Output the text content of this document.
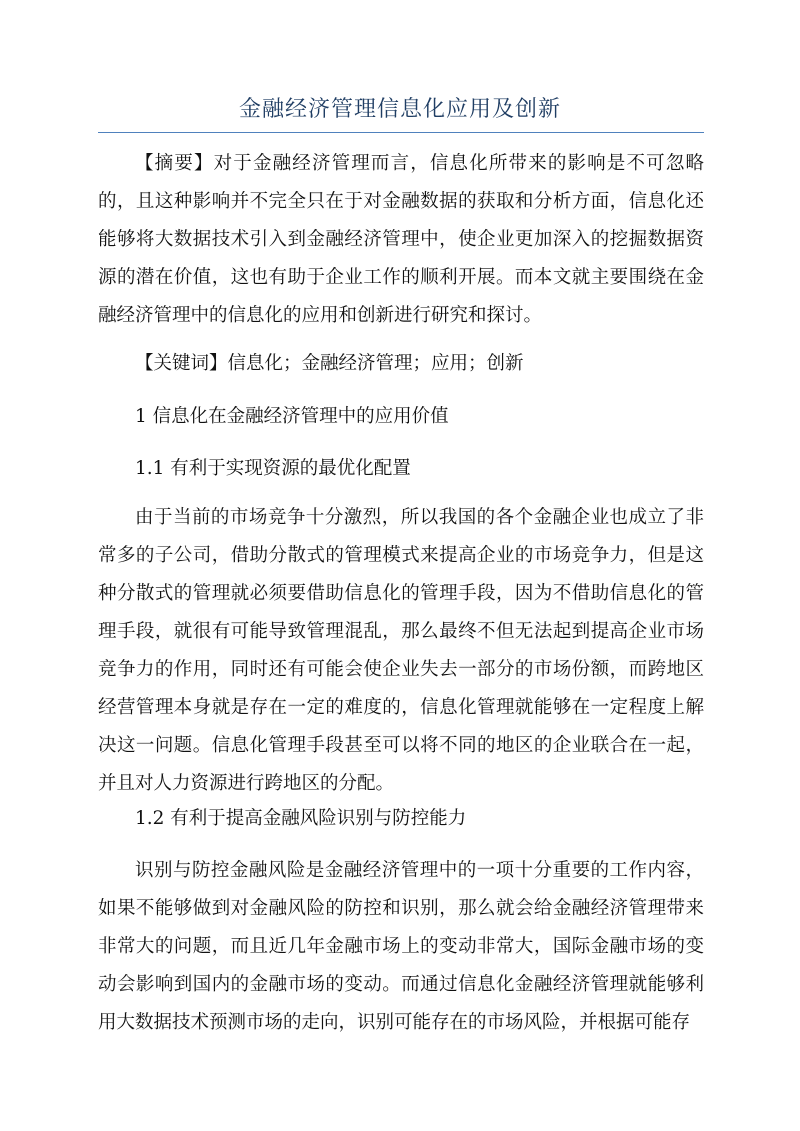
金融经济管理信息化应用及创新

【摘要】对于金融经济管理而言，信息化所带来的影响是不可忽略的，且这种影响并不完全只在于对金融数据的获取和分析方面，信息化还能够将大数据技术引入到金融经济管理中，使企业更加深入的挖掘数据资源的潜在价值，这也有助于企业工作的顺利开展。而本文就主要围绕在金融经济管理中的信息化的应用和创新进行研究和探讨。

【关键词】信息化；金融经济管理；应用；创新

1 信息化在金融经济管理中的应用价值

1.1 有利于实现资源的最优化配置

由于当前的市场竞争十分激烈，所以我国的各个金融企业也成立了非常多的子公司，借助分散式的管理模式来提高企业的市场竞争力，但是这种分散式的管理就必须要借助信息化的管理手段，因为不借助信息化的管理手段，就很有可能导致管理混乱，那么最终不但无法起到提高企业市场竞争力的作用，同时还有可能会使企业失去一部分的市场份额，而跨地区经营管理本身就是存在一定的难度的，信息化管理就能够在一定程度上解决这一问题。信息化管理手段甚至可以将不同的地区的企业联合在一起，并且对人力资源进行跨地区的分配。

1.2 有利于提高金融风险识别与防控能力

识别与防控金融风险是金融经济管理中的一项十分重要的工作内容，如果不能够做到对金融风险的防控和识别，那么就会给金融经济管理带来非常大的问题，而且近几年金融市场上的变动非常大，国际金融市场的变动会影响到国内的金融市场的变动。而通过信息化金融经济管理就能够利用大数据技术预测市场的走向，识别可能存在的市场风险，并根据可能存
